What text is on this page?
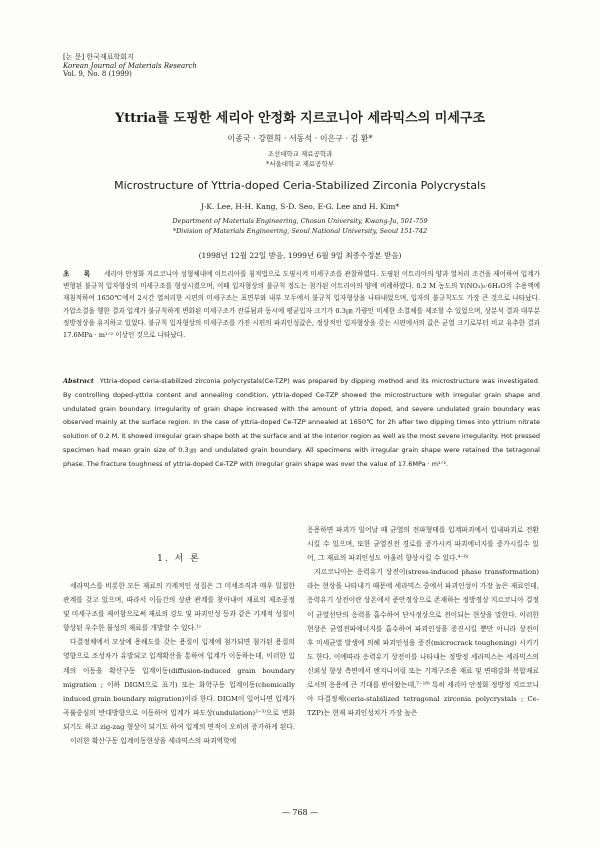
[논 문] 한국재료학회지
Korean Journal of Materials Research
Vol. 9, No. 8 (1999)
Yttria를 도핑한 세리아 안정화 지르코니아 세라믹스의 미세구조
이종국 · 강현희 · 서동석 · 이은구 · 김 환*
조선대학교 재료공학과
*서울대학교 재료공학부
Microstructure of Yttria-doped Ceria-Stabilized Zirconia Polycrystals
J-K. Lee, H-H. Kang, S-D. Seo, E-G. Lee and H. Kim*
Department of Materials Engineering, Chosun University, Kwang-Ju, 501-759
*Division of Materials Engineering, Seoul National University, Seoul 151-742
(1998년 12월 22일 받음, 1999년 6월 9일 최종수정본 받음)
초 록 세리아 안정화 지르코니아 성형체내에 이트리아를 침적법으로 도핑시켜 미세구조를 관찰하였다. 도핑된 이트리아의 양과 열처리 조건을 제어하여 입계가 변형된 불규칙 입자형상의 미세구조를 형성시켰으며, 이때 입자형상의 불규칙 정도는 첨가된 이트리아의 양에 비례하였다. 0.2 M 농도의 Y(NO₃)₃·6H₂O의 수용액에 재침적하여 1650℃에서 2시간 열처리한 시편의 미세구조는 표면부와 내부 모두에서 불규칙 입자형상을 나타내었으며, 입자의 불규칙도도 가장 큰 것으로 나타났다. 가압소결을 행한 결과 입계가 불규칙하게 변화된 미세구조가 잔류됨과 동시에 평균입자 크기가 0.3㎛ 가량인 미세한 소결체를 제조할 수 있었으며, 상분석 결과 대부분 정방정상을 유지하고 있었다. 불규칙 입자형상의 미세구조를 가진 시편의 파괴인성값은, 정상적인 입자형상을 갖는 시편에서의 값은 균열 크기로부터 비교 유추한 결과 17.6MPa · m¹ᐟ² 이상인 것으로 나타났다.
Abstract Yttria-doped ceria-stabilized zirconia polycrystals(Ce-TZP) was prepared by dipping method and its microstructure was investigated. By controlling doped-yttria content and annealing condition, yttria-doped Ce-TZP showed the microstructure with irregular grain shape and undulated grain boundary. Irregularity of grain shape increased with the amount of yttria doped, and severe undulated grain boundary was observed mainly at the surface region. In the case of yttria-doped Ce-TZP annealed at 1650℃ for 2h after two dipping times into yttrium nitrate solution of 0.2 M, it showed irregular grain shape both at the surface and at the interior region as well as the most severe irregularity. Hot pressed specimen had mean grain size of 0.3㎛ and undulated grain boundary. All specimens with irregular grain shape were retained the tetragonal phase. The fracture toughness of yttria-doped Ce-TZP with irregular grain shape was over the value of 17.6MPa · m¹ᐟ².
1. 서 론

세라믹스를 비롯한 모든 재료의 기계적인 성질은 그 미세조직과 매우 밀접한 관계를 갖고 있으며, 따라서 이들간의 상관 관계를 찾아내어 재료의 제조공정 및 미세구조를 제어함으로써 재료의 강도 및 파괴인성 등과 같은 기계적 성질이 향상된 우수한 물성의 재료를 개발할 수 있다.¹⁾

다결정체에서 모상에 용해도를 갖는 용질이 입계에 첨가되면 첨가된 용질의 영향으로 조성차가 유발되고 입계확산을 통하여 입계가 이동하는데, 이러한 입계의 이동을 확산구동 입계이동(diffusion-induced grain boundary migration ; 이하 DIGM으로 표기) 또는 화학구동 입계이동(chemically induced grain boundary migration)이라 한다. DIGM이 일어나면 입계가 곡률중심의 반대방향으로 이동하여 입계가 파도상(undulation)²⁻³⁾으로 변화되기도 하고 zig-zag 형상이 되기도 하여 입계의 면적이 오히려 증가하게 된다.

이러한 확산구동 입계이동현상을 세라믹스의 파괴역학에

응용하면 파괴가 일어날 때 균열의 전파형태를 입계파괴에서 입내파괴로 전환시킬 수 있으며, 또한 균열진전 경로를 증가시켜 파괴에너지를 증가시킬수 있어, 그 재료의 파괴인성도 아울러 향상시킬 수 있다.⁴⁻⁶⁾

지르코니아는 응력유기 상전이(stress-induced phase transformation)라는 현상을 나타내기 때문에 세라믹스 중에서 파괴인성이 가장 높은 재료인데, 응력유기 상전이란 상온에서 준안정상으로 존재하는 정방정상 지르코니아 결정이 균열선단의 응력을 흡수하여 단사정상으로 전이되는 현상을 말한다. 이러한 현상은 균열전파에너지를 흡수하여 파괴인성을 증진시킬 뿐만 아니라 상전이 후 미세균열 발생에 의해 파괴인성을 증진(microcrack toughening) 시키기도 한다. 이에따라 응력유기 상전이를 나타내는 정방정 세라믹스는 세라믹스의 신뢰성 향상 측면에서 엔지니어링 또는 기계구조용 재료 및 변태강화 복합재료로서의 응용에 큰 기대를 받아왔는데,⁷⁻¹⁸⁾ 특히 세리아 안정화 정방정 지르코니아 다결정체(ceria-stabilized tetragonal zirconia polycrystals ; Ce-TZP)는 현재 파괴인성치가 가장 높은

— 768 —
